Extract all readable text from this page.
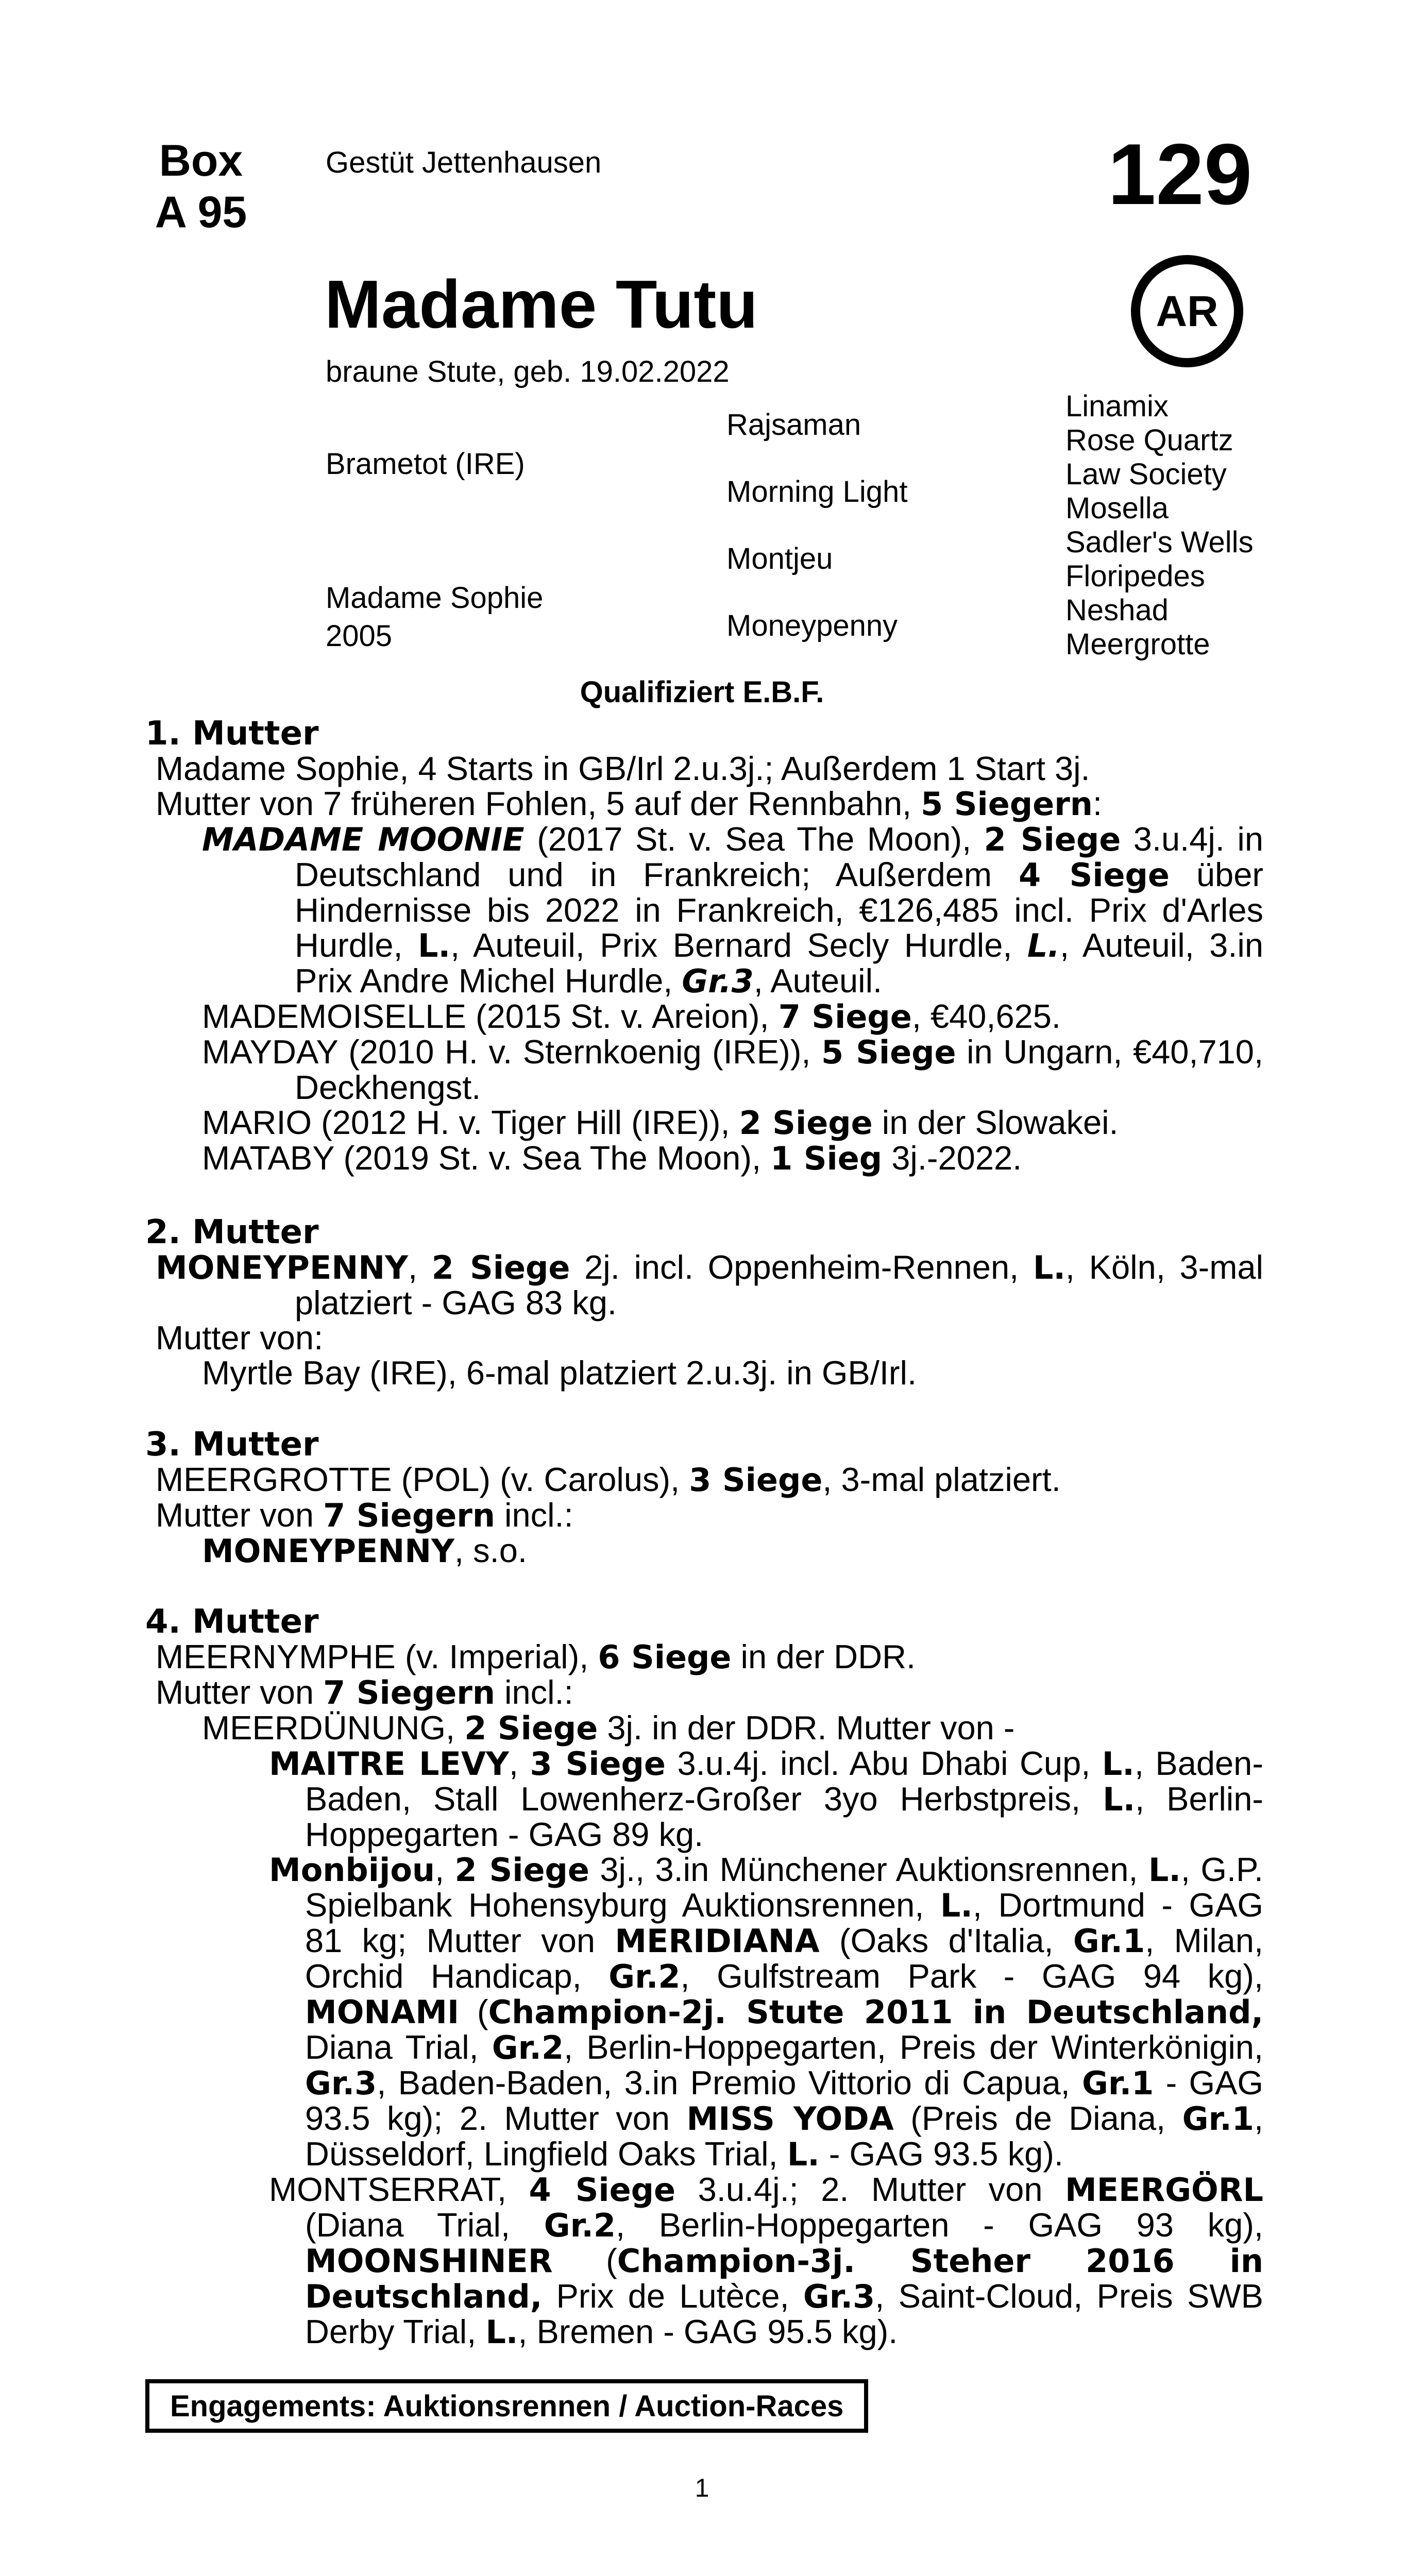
Box
A 95
Gestüt Jettenhausen	129
AR
Madame Tutu
braune Stute, geb. 19.02.2022
Brametot (IRE)
Madame Sophie
2005
Rajsaman
Morning Light
Montjeu
Moneypenny
Linamix
Rose Quartz
Law Society
Mosella
Sadler's Wells
Floripedes
Neshad
Meergrotte
Qualifiziert E.B.F.

1. Mutter

Madame Sophie, 4 Starts in GB/Irl 2.u.3j.; Außerdem 1 Start 3j.

Mutter von 7 früheren Fohlen, 5 auf der Rennbahn, 5 Siegern:

MADAME MOONIE (2017 St. v. Sea The Moon), 2 Siege 3.u.4j. in Deutschland und in Frankreich; Außerdem 4 Siege über Hindernisse bis 2022 in Frankreich, €126,485 incl. Prix d'Arles Hurdle, L., Auteuil, Prix Bernard Secly Hurdle, L., Auteuil, 3.in Prix Andre Michel Hurdle, Gr.3, Auteuil.

MADEMOISELLE (2015 St. v. Areion), 7 Siege, €40,625.

MAYDAY (2010 H. v. Sternkoenig (IRE)), 5 Siege in Ungarn, €40,710, Deckhengst.

MARIO (2012 H. v. Tiger Hill (IRE)), 2 Siege in der Slowakei.

MATABY (2019 St. v. Sea The Moon), 1 Sieg 3j.-2022.

2. Mutter

MONEYPENNY, 2 Siege 2j. incl. Oppenheim-Rennen, L., Köln, 3-mal platziert - GAG 83 kg.

Mutter von:

Myrtle Bay (IRE), 6-mal platziert 2.u.3j. in GB/Irl.

3. Mutter

MEERGROTTE (POL) (v. Carolus), 3 Siege, 3-mal platziert.

Mutter von 7 Siegern incl.:

MONEYPENNY, s.o.

4. Mutter

MEERNYMPHE (v. Imperial), 6 Siege in der DDR.

Mutter von 7 Siegern incl.:

MEERDÜNUNG, 2 Siege 3j. in der DDR. Mutter von -

MAITRE LEVY, 3 Siege 3.u.4j. incl. Abu Dhabi Cup, L., Baden-Baden, Stall Lowenherz-Großer 3yo Herbstpreis, L., Berlin-Hoppegarten - GAG 89 kg.

Monbijou, 2 Siege 3j., 3.in Münchener Auktionsrennen, L., G.P. Spielbank Hohensyburg Auktionsrennen, L., Dortmund - GAG 81 kg; Mutter von MERIDIANA (Oaks d'Italia, Gr.1, Milan, Orchid Handicap, Gr.2, Gulfstream Park - GAG 94 kg), MONAMI (Champion-2j. Stute 2011 in Deutschland, Diana Trial, Gr.2, Berlin-Hoppegarten, Preis der Winterkönigin, Gr.3, Baden-Baden, 3.in Premio Vittorio di Capua, Gr.1 - GAG 93.5 kg); 2. Mutter von MISS YODA (Preis de Diana, Gr.1, Düsseldorf, Lingfield Oaks Trial, L. - GAG 93.5 kg).

MONTSERRAT, 4 Siege 3.u.4j.; 2. Mutter von MEERGÖRL (Diana Trial, Gr.2, Berlin-Hoppegarten - GAG 93 kg), MOONSHINER (Champion-3j. Steher 2016 in Deutschland, Prix de Lutèce, Gr.3, Saint-Cloud, Preis SWB Derby Trial, L., Bremen - GAG 95.5 kg).

Engagements: Auktionsrennen / Auction-Races
1
